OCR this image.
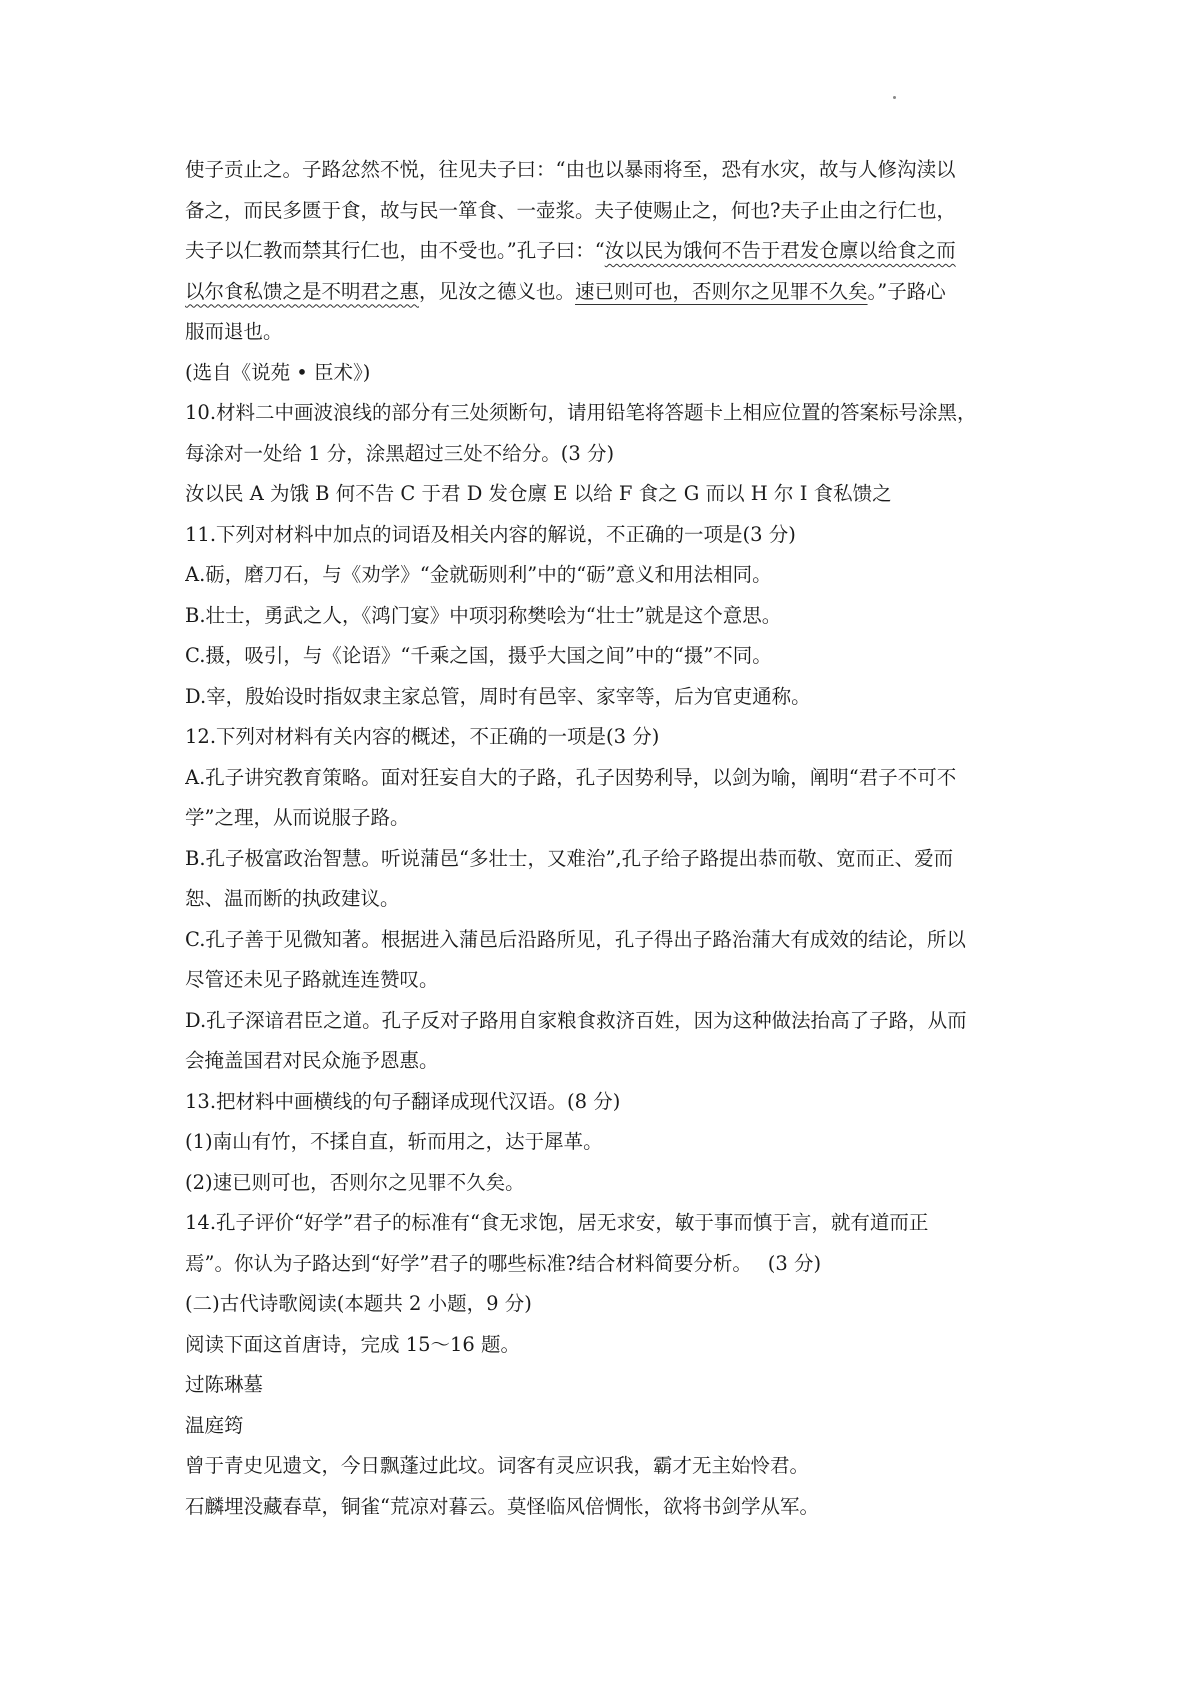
使子贡止之。子路忿然不悦，往见夫子曰：“由也以暴雨将至，恐有水灾，故与人修沟渎以
备之，而民多匮于食，故与民一箪食、一壶浆。夫子使赐止之，何也?夫子止由之行仁也，
夫子以仁教而禁其行仁也，由不受也。”孔子曰：“汝以民为饿何不告于君发仓廪以给食之而
以尔食私馈之是不明君之惠，见汝之德义也。速已则可也，否则尔之见罪不久矣。”子路心
服而退也。
(选自《说苑 • 臣术》)
10.材料二中画波浪线的部分有三处须断句，请用铅笔将答题卡上相应位置的答案标号涂黑，
每涂对一处给 1 分，涂黑超过三处不给分。(3 分)
汝以民 A 为饿 B 何不告 C 于君 D 发仓廪 E 以给 F 食之 G 而以 H 尔 I 食私馈之
11.下列对材料中加点的词语及相关内容的解说，不正确的一项是(3 分)
A.砺，磨刀石，与《劝学》“金就砺则利”中的“砺”意义和用法相同。
B.壮士，勇武之人，《鸿门宴》中项羽称樊哙为“壮士”就是这个意思。
C.摄，吸引，与《论语》“千乘之国，摄乎大国之间”中的“摄”不同。
D.宰，殷始设时指奴隶主家总管，周时有邑宰、家宰等，后为官吏通称。
12.下列对材料有关内容的概述，不正确的一项是(3 分)
A.孔子讲究教育策略。面对狂妄自大的子路，孔子因势利导，以剑为喻，阐明“君子不可不
学”之理，从而说服子路。
B.孔子极富政治智慧。听说蒲邑“多壮士，又难治”,孔子给子路提出恭而敬、宽而正、爱而
恕、温而断的执政建议。
C.孔子善于见微知著。根据进入蒲邑后沿路所见，孔子得出子路治蒲大有成效的结论，所以
尽管还未见子路就连连赞叹。
D.孔子深谙君臣之道。孔子反对子路用自家粮食救济百姓，因为这种做法抬高了子路，从而
会掩盖国君对民众施予恩惠。
13.把材料中画横线的句子翻译成现代汉语。(8 分)
(1)南山有竹，不揉自直，斩而用之，达于犀革。
(2)速已则可也，否则尔之见罪不久矣。
14.孔子评价“好学”君子的标准有“食无求饱，居无求安，敏于事而慎于言，就有道而正
焉”。你认为子路达到“好学”君子的哪些标准?结合材料简要分析。　 (3 分)
(二)古代诗歌阅读(本题共 2 小题，9 分)
阅读下面这首唐诗，完成 15～16 题。
过陈琳墓
温庭筠
曾于青史见遗文，今日飘蓬过此坟。词客有灵应识我，霸才无主始怜君。
石麟埋没藏春草，铜雀“荒凉对暮云。莫怪临风倍惆怅，欲将书剑学从军。
